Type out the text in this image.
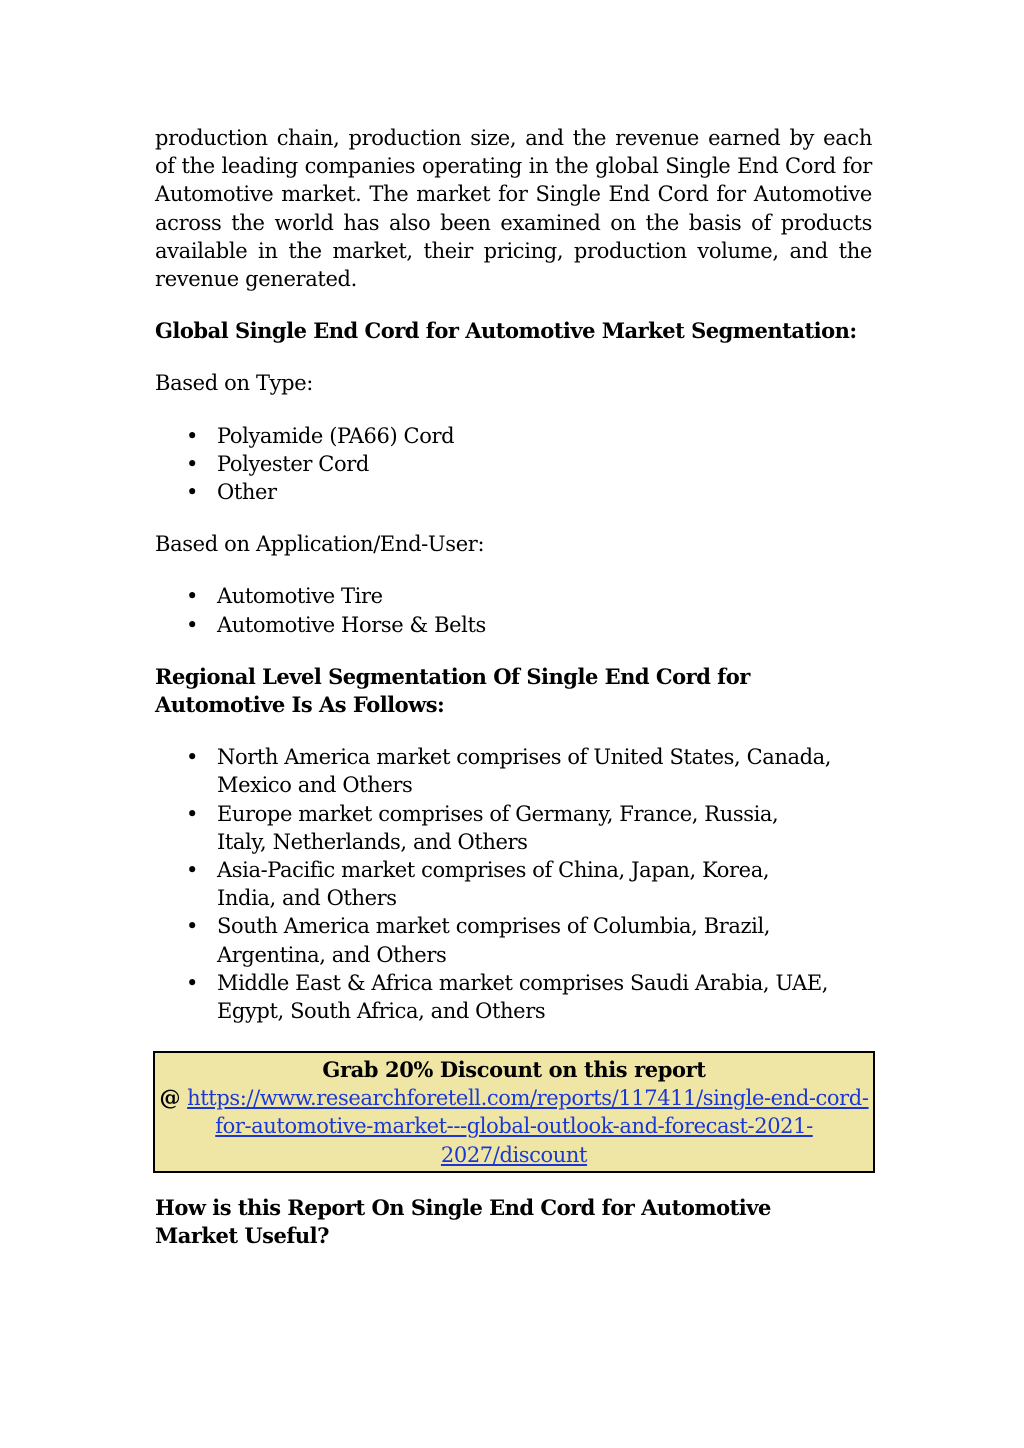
production chain, production size, and the revenue earned by each of the leading companies operating in the global Single End Cord for Automotive market. The market for Single End Cord for Automotive across the world has also been examined on the basis of products available in the market, their pricing, production volume, and the revenue generated.

Global Single End Cord for Automotive Market Segmentation:

Based on Type:

• Polyamide (PA66) Cord
• Polyester Cord
• Other

Based on Application/End-User:

• Automotive Tire
• Automotive Horse & Belts

Regional Level Segmentation Of Single End Cord for Automotive Is As Follows:

• North America market comprises of United States, Canada, Mexico and Others
• Europe market comprises of Germany, France, Russia, Italy, Netherlands, and Others
• Asia-Pacific market comprises of China, Japan, Korea, India, and Others
• South America market comprises of Columbia, Brazil, Argentina, and Others
• Middle East & Africa market comprises Saudi Arabia, UAE, Egypt, South Africa, and Others
Grab 20% Discount on this report
@ https://www.researchforetell.com/reports/117411/single-end-cord-for-automotive-market---global-outlook-and-forecast-2021-2027/discount

How is this Report On Single End Cord for Automotive Market Useful?
